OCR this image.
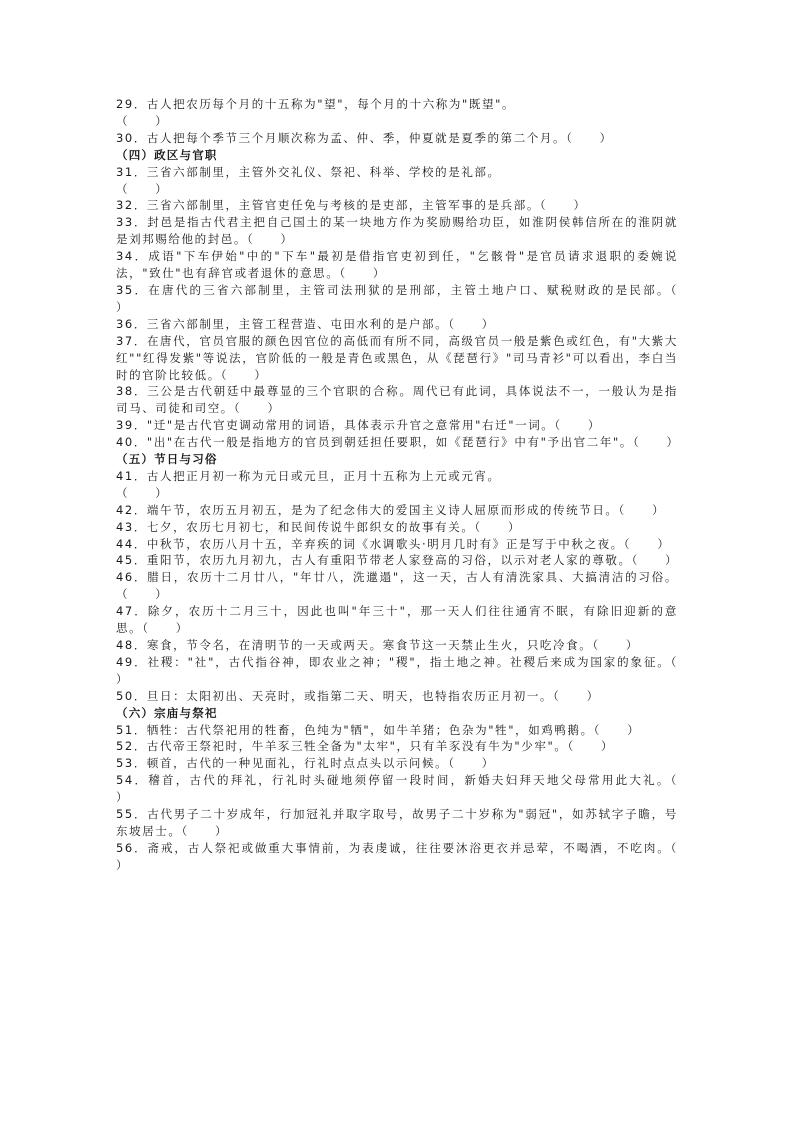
29．古人把农历每个月的十五称为"望"，每个月的十六称为"既望"。
（　　）

30．古人把每个季节三个月顺次称为孟、仲、季，仲夏就是夏季的第二个月。（　　）

（四）政区与官职

31．三省六部制里，主管外交礼仪、祭祀、科举、学校的是礼部。
（　　）

32．三省六部制里，主管官吏任免与考核的是吏部，主管军事的是兵部。（　　）

33．封邑是指古代君主把自己国土的某一块地方作为奖励赐给功臣，如淮阴侯韩信所在的淮阴就是刘邦赐给他的封邑。（　　）

34．成语"下车伊始"中的"下车"最初是借指官吏初到任，"乞骸骨"是官员请求退职的委婉说法，"致仕"也有辞官或者退休的意思。（　　）

35．在唐代的三省六部制里，主管司法刑狱的是刑部，主管土地户口、赋税财政的是民部。（　　）

36．三省六部制里，主管工程营造、屯田水利的是户部。（　　）

37．在唐代，官员官服的颜色因官位的高低而有所不同，高级官员一般是紫色或红色，有"大紫大红""红得发紫"等说法，官阶低的一般是青色或黑色，从《琵琶行》"司马青衫"可以看出，李白当时的官阶比较低。（　　）

38．三公是古代朝廷中最尊显的三个官职的合称。周代已有此词，具体说法不一，一般认为是指司马、司徒和司空。（　　）

39．"迁"是古代官吏调动常用的词语，具体表示升官之意常用"右迁"一词。（　　）

40．"出"在古代一般是指地方的官员到朝廷担任要职，如《琵琶行》中有"予出官二年"。（　　）

（五）节日与习俗

41．古人把正月初一称为元日或元旦，正月十五称为上元或元宵。
（　　）

42．端午节，农历五月初五，是为了纪念伟大的爱国主义诗人屈原而形成的传统节日。（　　）

43．七夕，农历七月初七，和民间传说牛郎织女的故事有关。（　　）

44．中秋节，农历八月十五，辛弃疾的词《水调歌头·明月几时有》正是写于中秋之夜。（　　）

45．重阳节，农历九月初九，古人有重阳节带老人家登高的习俗，以示对老人家的尊敬。（　　）

46．腊日，农历十二月廿八，"年廿八，洗邋遢"，这一天，古人有清洗家具、大搞清洁的习俗。（　　）

47．除夕，农历十二月三十，因此也叫"年三十"，那一天人们往往通宵不眠，有除旧迎新的意思。（　　）

48．寒食，节令名，在清明节的一天或两天。寒食节这一天禁止生火，只吃冷食。（　　）

49．社稷："社"，古代指谷神，即农业之神；"稷"，指土地之神。社稷后来成为国家的象征。（　　）

50．旦日：太阳初出、天亮时，或指第二天、明天，也特指农历正月初一。（　　）

（六）宗庙与祭祀

51．牺牲：古代祭祀用的牲畜，色纯为"牺"，如牛羊猪；色杂为"牲"，如鸡鸭鹅。（　　）

52．古代帝王祭祀时，牛羊豕三牲全备为"太牢"，只有羊豕没有牛为"少牢"。（　　）

53．顿首，古代的一种见面礼，行礼时点点头以示问候。（　　）

54．稽首，古代的拜礼，行礼时头碰地须停留一段时间，新婚夫妇拜天地父母常用此大礼。（　　）

55．古代男子二十岁成年，行加冠礼并取字取号，故男子二十岁称为"弱冠"，如苏轼字子瞻，号东坡居士。（　　）

56．斋戒，古人祭祀或做重大事情前，为表虔诚，往往要沐浴更衣并忌荤，不喝酒，不吃肉。（　　）
